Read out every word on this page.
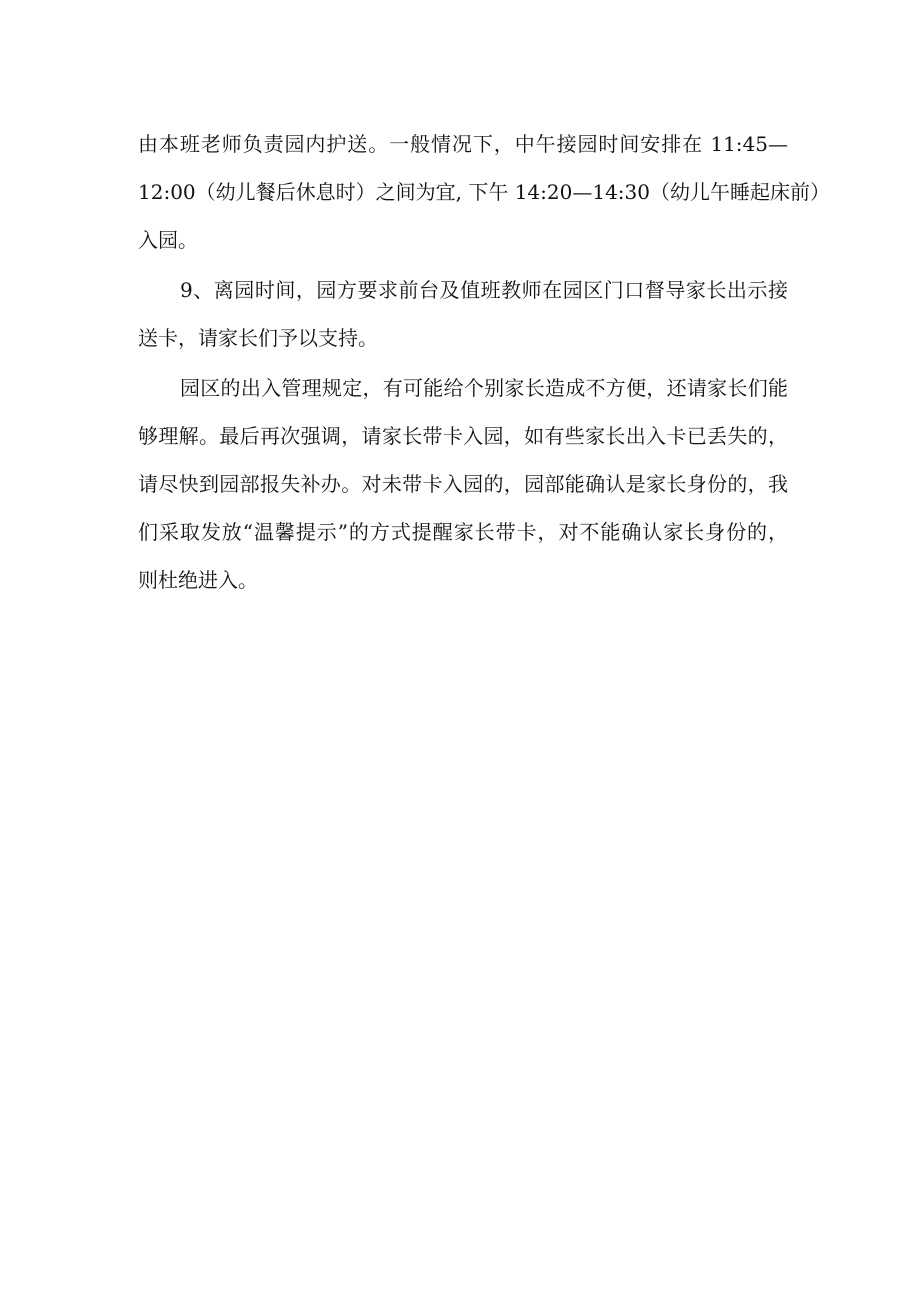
由本班老师负责园内护送。一般情况下，中午接园时间安排在 11:45—
12:00（幼儿餐后休息时）之间为宜, 下午 14:20—14:30（幼儿午睡起床前）
入园。
9、离园时间，园方要求前台及值班教师在园区门口督导家长出示接
送卡，请家长们予以支持。
园区的出入管理规定，有可能给个别家长造成不方便，还请家长们能
够理解。最后再次强调，请家长带卡入园，如有些家长出入卡已丢失的，
请尽快到园部报失补办。对未带卡入园的，园部能确认是家长身份的，我
们采取发放“温馨提示”的方式提醒家长带卡，对不能确认家长身份的，
则杜绝进入。
